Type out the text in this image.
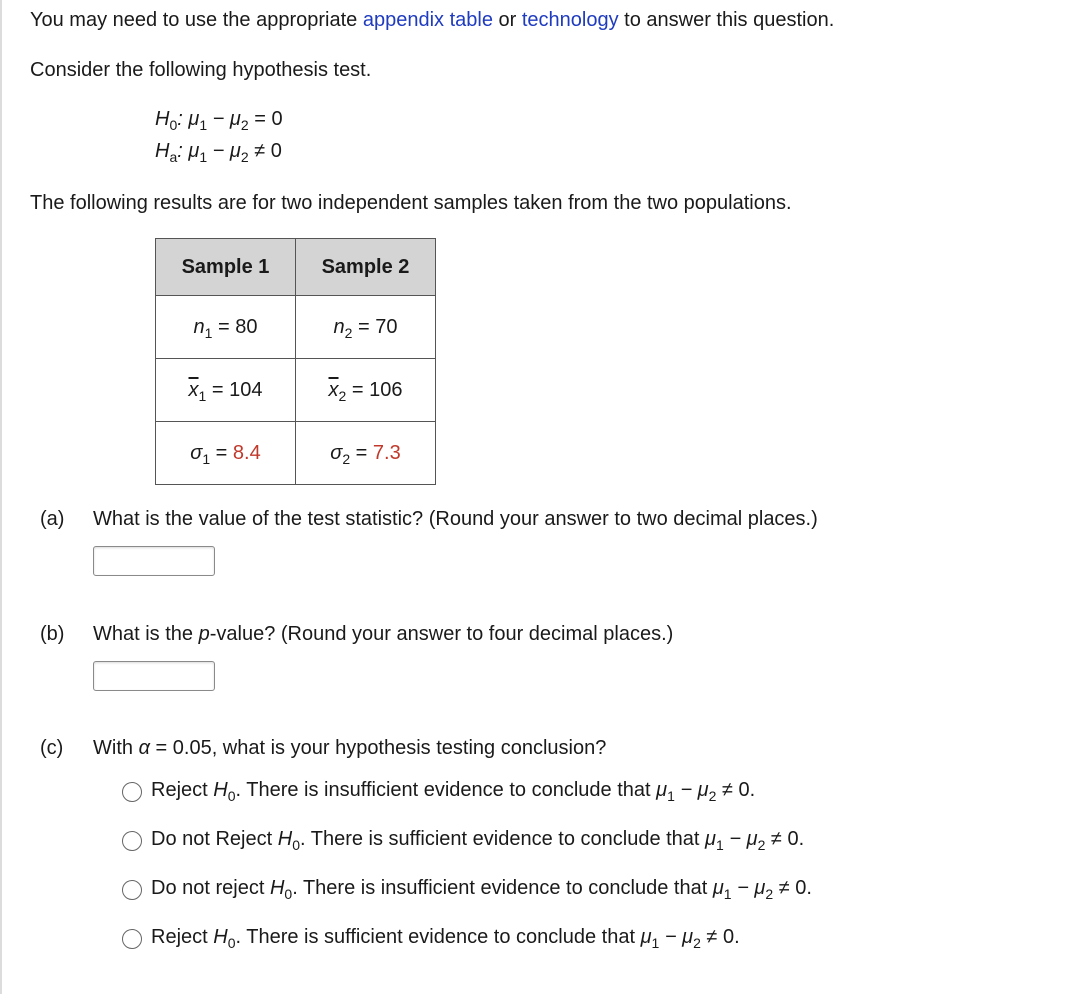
You may need to use the appropriate appendix table or technology to answer this question.
Consider the following hypothesis test.
$H_0$: $\mu_1 - \mu_2 = 0$
$H_a$: $\mu_1 - \mu_2 \ne 0$
The following results are for two independent samples taken from the two populations.
Sample 1	Sample 2
$n_1 = 80$	$n_2 = 70$
$\overline{x}_1 = 104$	$\overline{x}_2 = 106$
$\sigma_1 = 8.4$	$\sigma_2 = 7.3$
(a) What is the value of the test statistic? (Round your answer to two decimal places.)
(b) What is the p-value? (Round your answer to four decimal places.)
(c) With α = 0.05, what is your hypothesis testing conclusion?
Reject $H_0$. There is insufficient evidence to conclude that $\mu_1 - \mu_2 \ne 0$.
Do not Reject $H_0$. There is sufficient evidence to conclude that $\mu_1 - \mu_2 \ne 0$.
Do not reject $H_0$. There is insufficient evidence to conclude that $\mu_1 - \mu_2 \ne 0$.
Reject $H_0$. There is sufficient evidence to conclude that $\mu_1 - \mu_2 \ne 0$.
